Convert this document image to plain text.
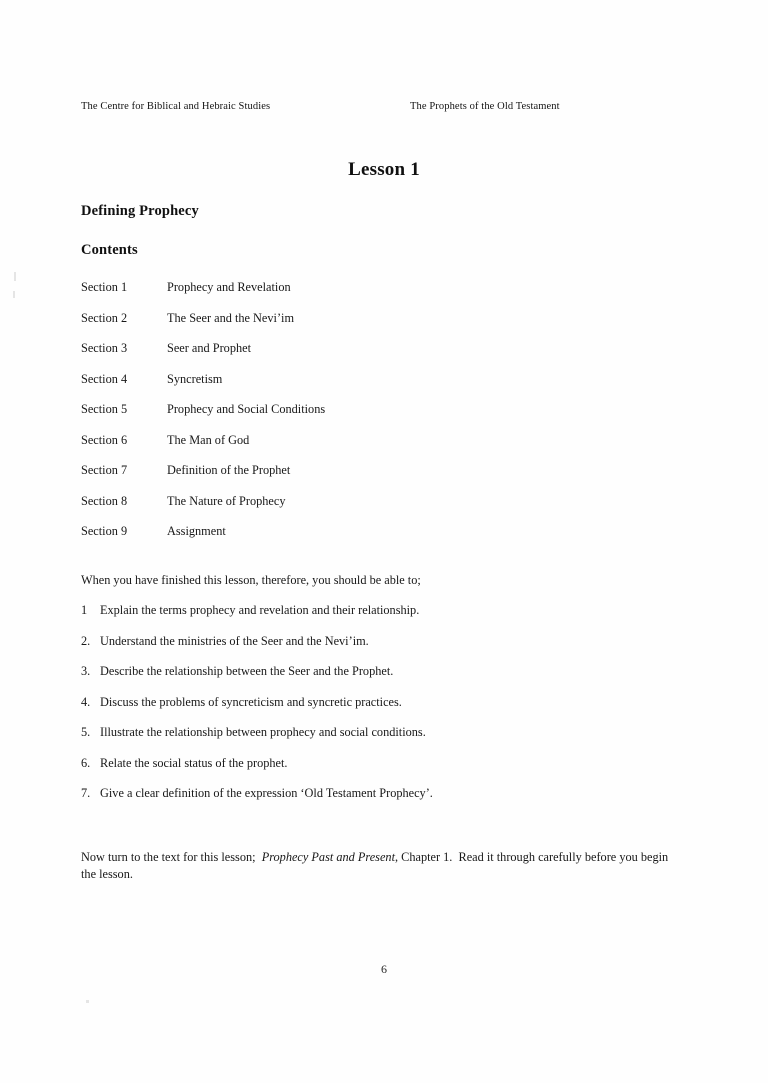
The Centre for Biblical and Hebraic Studies	The Prophets of the Old Testament
Lesson 1
Defining Prophecy
Contents
Section 1	Prophecy and Revelation
Section 2	The Seer and the Nevi’im
Section 3	Seer and Prophet
Section 4	Syncretism
Section 5	Prophecy and Social Conditions
Section 6	The Man of God
Section 7	Definition of the Prophet
Section 8	The Nature of Prophecy
Section 9	Assignment
When you have finished this lesson, therefore, you should be able to;
1 Explain the terms prophecy and revelation and their relationship.
2. Understand the ministries of the Seer and the Nevi’im.
3. Describe the relationship between the Seer and the Prophet.
4. Discuss the problems of syncreticism and syncretic practices.
5. Illustrate the relationship between prophecy and social conditions.
6. Relate the social status of the prophet.
7. Give a clear definition of the expression ‘Old Testament Prophecy’.

Now turn to the text for this lesson;  Prophecy Past and Present, Chapter 1.  Read it through carefully before you begin the lesson.

6
